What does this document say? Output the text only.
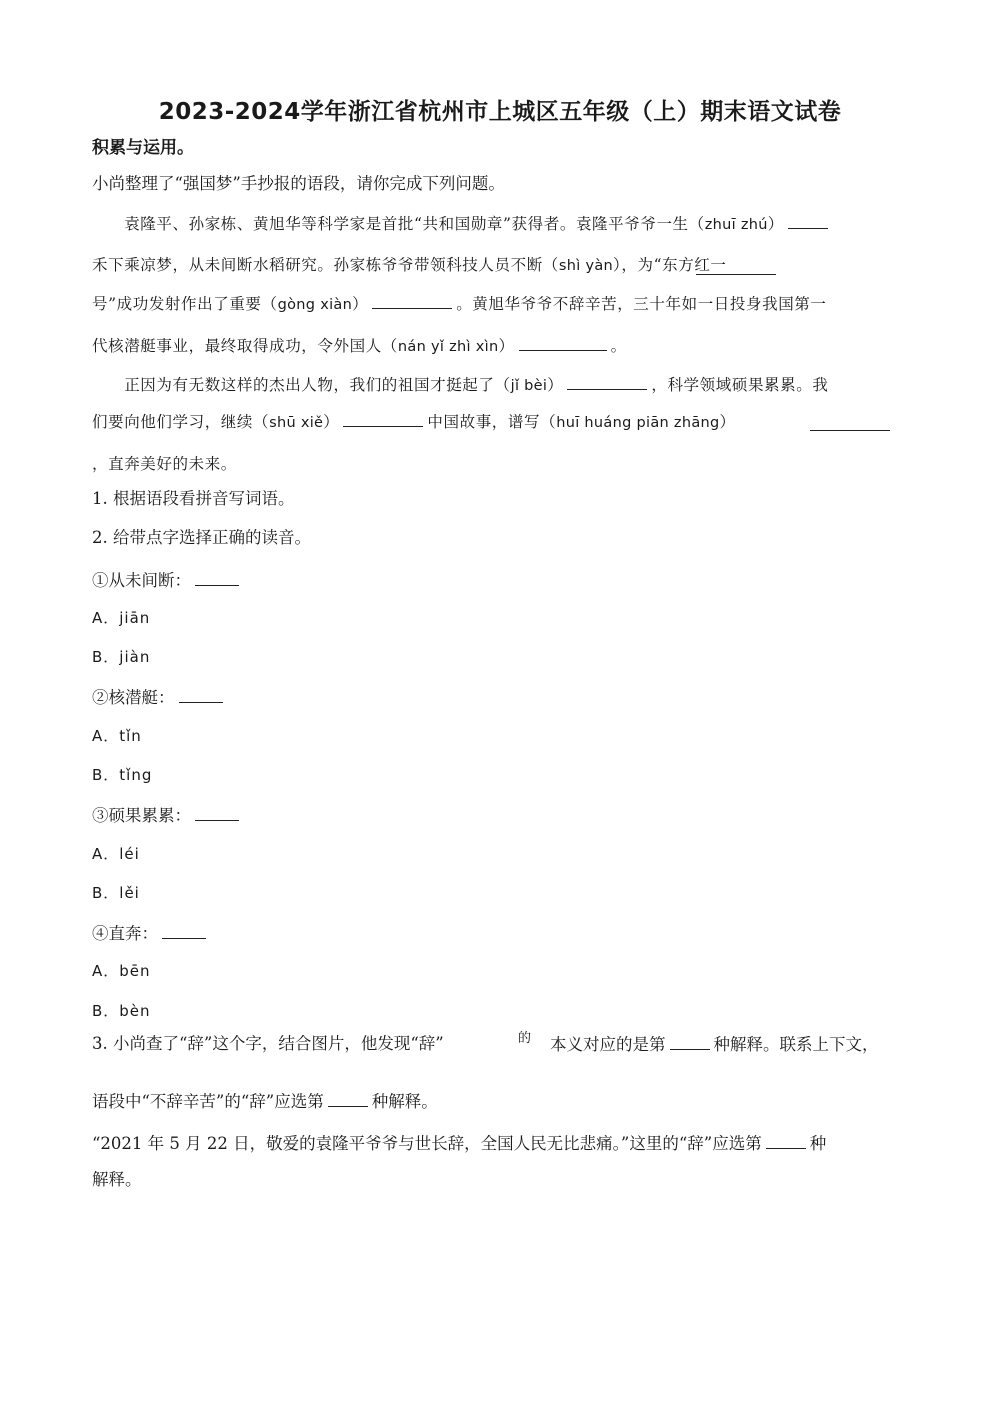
2023-2024学年浙江省杭州市上城区五年级（上）期末语文试卷
积累与运用。
小尚整理了“强国梦”手抄报的语段，请你完成下列问题。
　　袁隆平、孙家栋、黄旭华等科学家是首批“共和国勋章”获得者。袁隆平爷爷一生（zhuī zhú）
禾下乘凉梦，从未间断水稻研究。孙家栋爷爷带领科技人员不断（shì yàn），为“东方红一
号”成功发射作出了重要（gòng xiàn）	。黄旭华爷爷不辞辛苦，三十年如一日投身我国第一
代核潜艇事业，最终取得成功，令外国人（nán yǐ zhì xìn）	。
　　正因为有无数这样的杰出人物，我们的祖国才挺起了（jǐ bèi）	，科学领域硕果累累。我
们要向他们学习，继续（shū xiě）	中国故事，谱写（huī huáng piān zhāng）
，直奔美好的未来。
1. 根据语段看拼音写词语。
2. 给带点字选择正确的读音。
①从未间断：
A．jiān
B．jiàn
②核潜艇：
A．tǐn
B．tǐng
③硕果累累：
A．léi
B．lěi
④直奔：
A．bēn
B．bèn
3. 小尚查了“辞”这个字，结合图片，他发现“辞”	的 本义对应的是第	种解释。联系上下文，
语段中“不辞辛苦”的“辞”应选第	种解释。
“2021 年 5 月 22 日，敬爱的袁隆平爷爷与世长辞，全国人民无比悲痛。”这里的“辞”应选第	种
解释。
